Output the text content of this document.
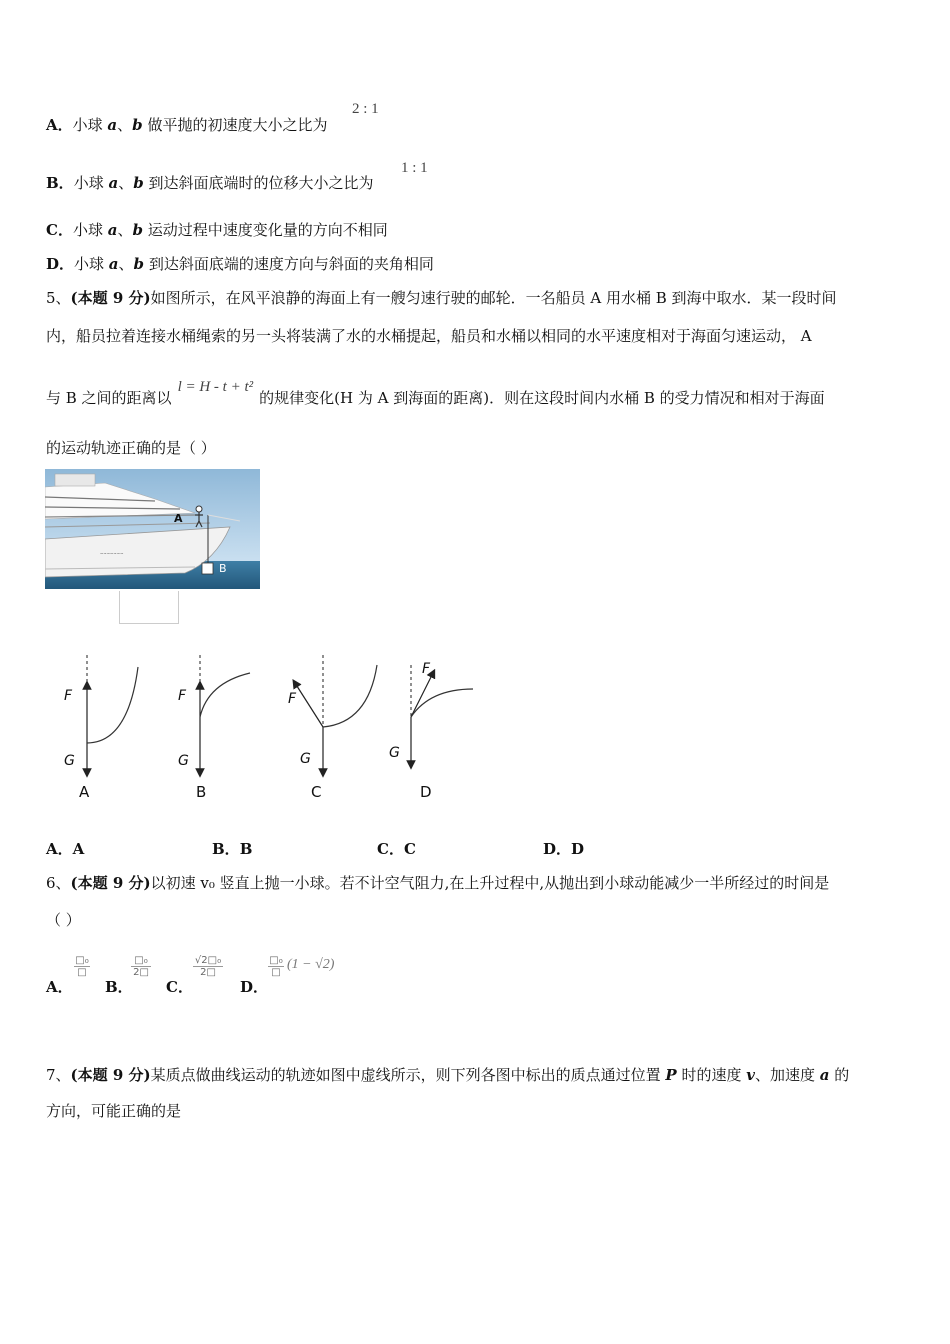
A．小球 a、b 做平抛的初速度大小之比为
2 : 1
B．小球 a、b 到达斜面底端时的位移大小之比为
1 : 1
C．小球 a、b 运动过程中速度变化量的方向不相同
D．小球 a、b 到达斜面底端的速度方向与斜面的夹角相同
5、(本题 9 分)如图所示，在风平浪静的海面上有一艘匀速行驶的邮轮．一名船员 A 用水桶 B 到海中取水．某一段时间
内，船员拉着连接水桶绳索的另一头将装满了水的水桶提起，船员和水桶以相同的水平速度相对于海面匀速运动， A
与 B 之间的距离以l = H - t + t²的规律变化(H 为 A 到海面的距离)．则在这段时间内水桶 B 的受力情况和相对于海面
的运动轨迹正确的是（ ）
~~~~~~~
A
B
F
G
F
G
F
G
F
G
A	B	C	D
A．A	B．B	C．C	D．D
6、(本题 9 分)以初速 v₀ 竖直上抛一小球。若不计空气阻力,在上升过程中,从抛出到小球动能减少一半所经过的时间是
（ ）
A．
□₀
□
B．
□₀
2□
C．
$\frac{\text{√2□₀}}{2□}$
D．
□₀
□
(1 − √2)
7、(本题 9 分)某质点做曲线运动的轨迹如图中虚线所示，则下列各图中标出的质点通过位置 P 时的速度 v、加速度 a 的
方向，可能正确的是
